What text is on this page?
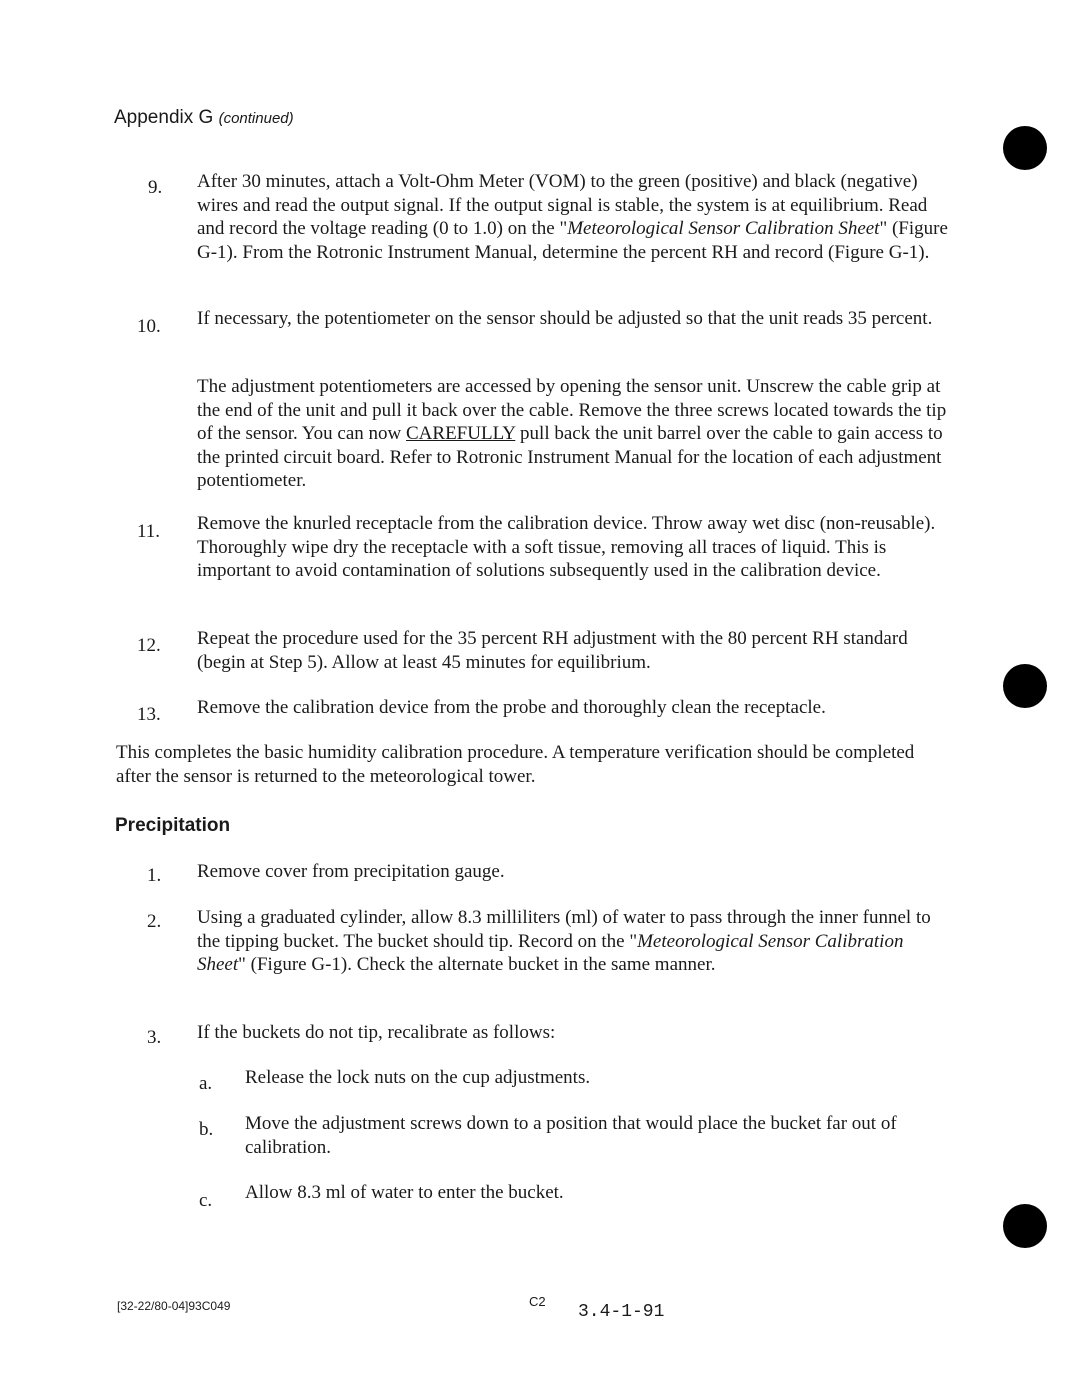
Appendix G (continued)
9. After 30 minutes, attach a Volt-Ohm Meter (VOM) to the green (positive) and black (negative) wires and read the output signal. If the output signal is stable, the system is at equilibrium. Read and record the voltage reading (0 to 1.0) on the "Meteorological Sensor Calibration Sheet" (Figure G-1). From the Rotronic Instrument Manual, determine the percent RH and record (Figure G-1).

10. If necessary, the potentiometer on the sensor should be adjusted so that the unit reads 35 percent.

The adjustment potentiometers are accessed by opening the sensor unit. Unscrew the cable grip at the end of the unit and pull it back over the cable. Remove the three screws located towards the tip of the sensor. You can now CAREFULLY pull back the unit barrel over the cable to gain access to the printed circuit board. Refer to Rotronic Instrument Manual for the location of each adjustment potentiometer.

11. Remove the knurled receptacle from the calibration device. Throw away wet disc (non-reusable). Thoroughly wipe dry the receptacle with a soft tissue, removing all traces of liquid. This is important to avoid contamination of solutions subsequently used in the calibration device.

12. Repeat the procedure used for the 35 percent RH adjustment with the 80 percent RH standard (begin at Step 5). Allow at least 45 minutes for equilibrium.

13. Remove the calibration device from the probe and thoroughly clean the receptacle.

This completes the basic humidity calibration procedure. A temperature verification should be completed after the sensor is returned to the meteorological tower.

Precipitation
1. Remove cover from precipitation gauge.

2. Using a graduated cylinder, allow 8.3 milliliters (ml) of water to pass through the inner funnel to the tipping bucket. The bucket should tip. Record on the "Meteorological Sensor Calibration Sheet" (Figure G-1). Check the alternate bucket in the same manner.

3. If the buckets do not tip, recalibrate as follows:

a. Release the lock nuts on the cup adjustments.

b. Move the adjustment screws down to a position that would place the bucket far out of calibration.

c. Allow 8.3 ml of water to enter the bucket.

[32-22/80-04]93C049	C2
3.4-1-91
